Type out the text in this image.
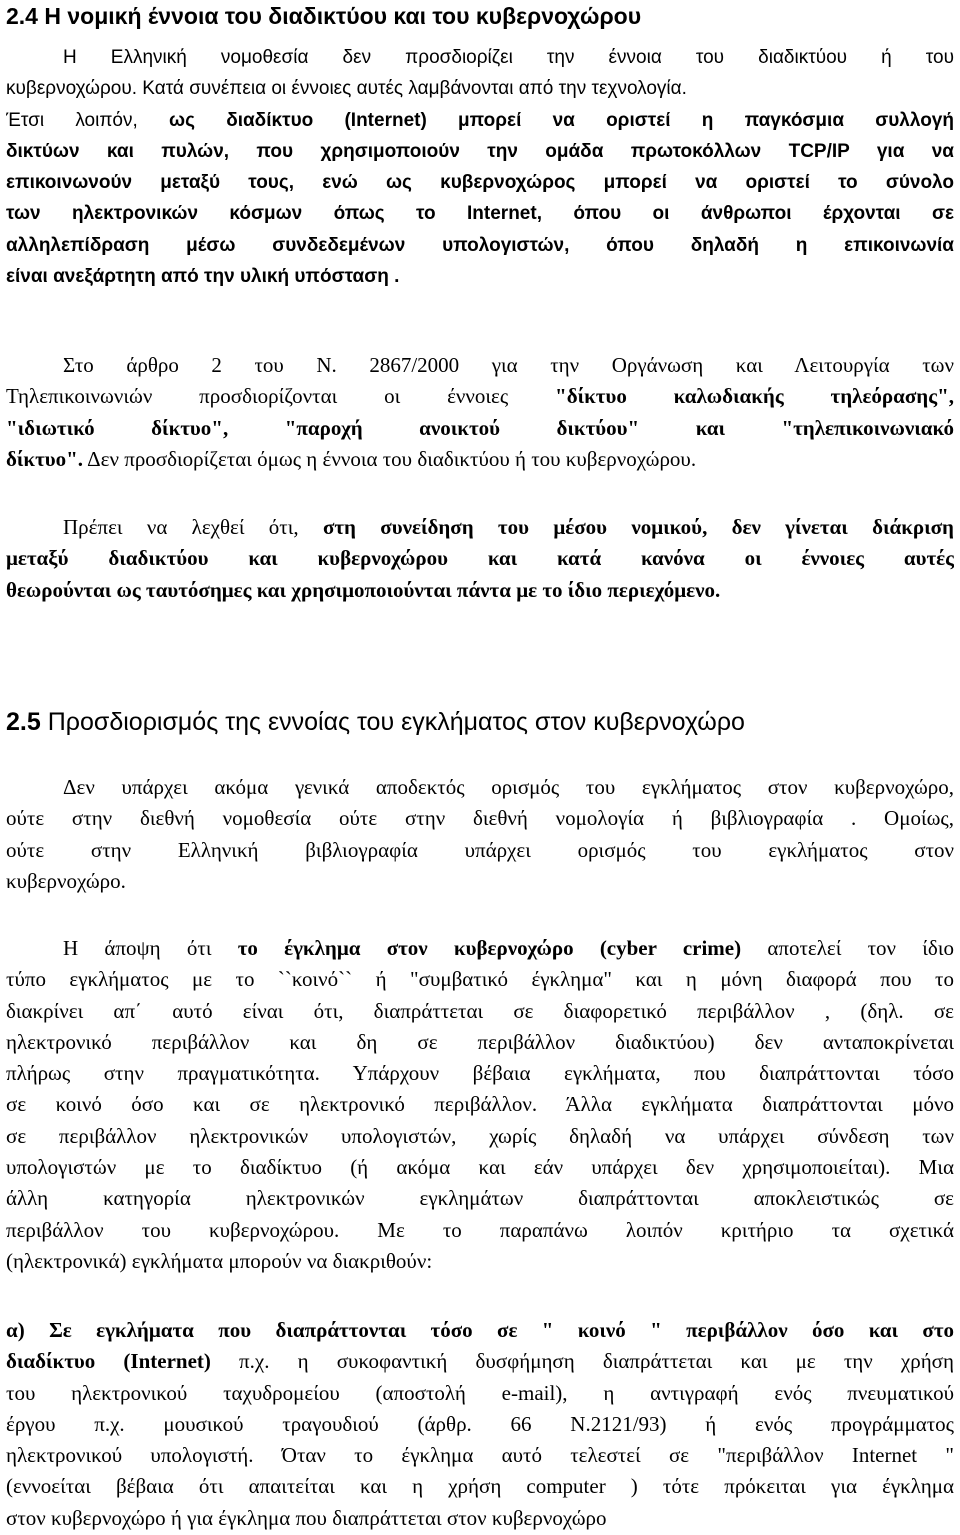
2.4 Η νομική έννοια του διαδικτύου και του κυβερνοχώρου
Η Ελληνική νομοθεσία δεν προσδιορίζει την έννοια του διαδικτύου ή του
κυβερνοχώρου. Κατά συνέπεια οι έννοιες αυτές λαμβάνονται από την τεχνολογία.
Έτσι λοιπόν, ως διαδίκτυο (Internet) μπορεί να οριστεί η παγκόσμια συλλογή
δικτύων και πυλών, που χρησιμοποιούν την ομάδα πρωτοκόλλων TCP/IP για να
επικοινωνούν μεταξύ τους, ενώ ως κυβερνοχώρος μπορεί να οριστεί το σύνολο
των ηλεκτρονικών κόσμων όπως το Internet, όπου οι άνθρωποι έρχονται σε
αλληλεπίδραση μέσω συνδεδεμένων υπολογιστών, όπου δηλαδή η επικοινωνία
είναι ανεξάρτητη από την υλική υπόσταση .
Στο άρθρο 2 του Ν. 2867/2000 για την Οργάνωση και Λειτουργία των
Τηλεπικοινωνιών προσδιορίζονται οι έννοιες "δίκτυο καλωδιακής τηλεόρασης",
"ιδιωτικό δίκτυο", "παροχή ανοικτού δικτύου" και "τηλεπικοινωνιακό
δίκτυο". Δεν προσδιορίζεται όμως η έννοια του διαδικτύου ή του κυβερνοχώρου.
Πρέπει να λεχθεί ότι, στη συνείδηση του μέσου νομικού, δεν γίνεται διάκριση
μεταξύ διαδικτύου και κυβερνοχώρου και κατά κανόνα οι έννοιες αυτές
θεωρούνται ως ταυτόσημες και χρησιμοποιούνται πάντα με το ίδιο περιεχόμενο.
2.5 Προσδιορισμός της εννοίας του εγκλήματος στον κυβερνοχώρο
Δεν υπάρχει ακόμα γενικά αποδεκτός ορισμός του εγκλήματος στον κυβερνοχώρο,
ούτε στην διεθνή νομοθεσία ούτε στην διεθνή νομολογία ή βιβλιογραφία . Ομοίως,
ούτε στην Ελληνική βιβλιογραφία υπάρχει ορισμός του εγκλήματος στον
κυβερνοχώρο.
Η άποψη ότι το έγκλημα στον κυβερνοχώρο (cyber crime) αποτελεί τον ίδιο
τύπο εγκλήματος με το ``κοινό`` ή "συμβατικό έγκλημα" και η μόνη διαφορά που το
διακρίνει απ΄ αυτό είναι ότι, διαπράττεται σε διαφορετικό περιβάλλον , (δηλ. σε
ηλεκτρονικό περιβάλλον και δη σε περιβάλλον διαδικτύου) δεν ανταποκρίνεται
πλήρως στην πραγματικότητα. Υπάρχουν βέβαια εγκλήματα, που διαπράττονται τόσο
σε κοινό όσο και σε ηλεκτρονικό περιβάλλον. Άλλα εγκλήματα διαπράττονται μόνο
σε περιβάλλον ηλεκτρονικών υπολογιστών, χωρίς δηλαδή να υπάρχει σύνδεση των
υπολογιστών με το διαδίκτυο (ή ακόμα και εάν υπάρχει δεν χρησιμοποιείται). Μια
άλλη κατηγορία ηλεκτρονικών εγκλημάτων διαπράττονται αποκλειστικώς σε
περιβάλλον του κυβερνοχώρου. Με το παραπάνω λοιπόν κριτήριο τα σχετικά
(ηλεκτρονικά) εγκλήματα μπορούν να διακριθούν:
α) Σε εγκλήματα που διαπράττονται τόσο σε " κοινό " περιβάλλον όσο και στο
διαδίκτυο (Internet) π.χ. η συκοφαντική δυσφήμηση διαπράττεται και με την χρήση
του ηλεκτρονικού ταχυδρομείου (αποστολή e-mail), η αντιγραφή ενός πνευματικού
έργου π.χ. μουσικού τραγουδιού (άρθρ. 66 Ν.2121/93) ή ενός προγράμματος
ηλεκτρονικού υπολογιστή. Όταν το έγκλημα αυτό τελεστεί σε "περιβάλλον Internet "
(εννοείται βέβαια ότι απαιτείται και η χρήση computer ) τότε πρόκειται για έγκλημα
στον κυβερνοχώρο ή για έγκλημα που διαπράττεται στον κυβερνοχώρο
